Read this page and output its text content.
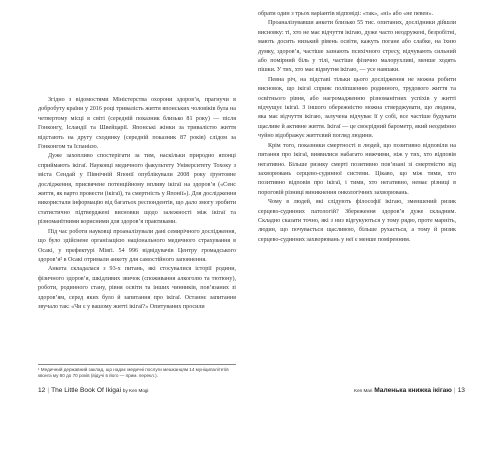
Згідно з відомостями Міністерства охорони здоров’я, прагнучи в добробуту країни у 2016 році тривалість життя японських чоловіків була на четвертому місці в світі (середній показник близько 81 року) — після Гонконгу, Ісландії та Швейцарії. Японські жінки за тривалістю життя відстають на другу сходинку (середній показник 87 років) слідом за Гонконгом та Іспанією.

Дуже захопливо спостерігати за тим, наскільки природно японці сприймають ікігаї. Науковці медичного факультету Університету Тохоку з міста Сендай у Північній Японії опублікували 2008 року ґрунтовне дослідження, присвячене потенційному впливу ікігаї на здоров’я («Сенс життя, як варто провести (ікігаї), та смертність у Японії»). Для дослідження використали інформацію від багатьох респондентів, що дало змогу зробити статистично підтверджені висновки щодо залежності між ікігаї та різноманітними корисними для здоров’я практиками.

Під час роботи науковці проаналізували дані семирічного дослідження, що було здійснене організацією національного медичного страхування в Осакі, у префектурі Міяґі. 54 996 відвідувачів Центру громадського здоров’я² в Осакі отримали анкету для самостійного заповнення.

Анкета складалася з 93-х питань, які стосувалися історії родини, фізичного здоров’я, шкідливих звичок (споживання алкоголю та тютюну), роботи, родинного стану, рівня освіти та інших чинників, пов’язаних зі здоров’ям, серед яких було й запитання про ікігаї. Останнє запитання звучало так: «Чи є у вашому житті ікігаї?» Опитуваних просили

¹ Медичний державний заклад, що надає медичні послуги мешканцям 14 муніципалітетів квонга му 80 до 70 років (відучі в його — прим. перекл.).
12 | The Little Book Of Ikigai by Ken Mogi

обрати один з трьох варіантів відповіді: «так», «ні» або «не певен».

Проаналізувавши анкети близько 55 тис. опитаних, дослідники дійшли висновку: ті, хто не має відчуття ікігаю, дуже часто неодружені, безробітні, мають досить низький рівень освіти, кажуть погане або слабке, на їхню думку, здоров’я, частіше зазнають психічного стресу, відчувають сильний або помірний біль у тілі, частіше фізично малорухливі, менше ходять пішки. У тих, хто має відмутня ікігаю, — усе навпаки.

Певна річ, на підставі тільки цього дослідження не можна робити висновок, що ікігаї сприяє поліпшенню родинного, трудового життя та освітнього рівня, або нагромадженню різноманітних успіхів у житті відчущує ікігаї. З іншого обережністю можна стверджувати, що людина, яка має відчуття ікігаю, залучена відчуває її у собі, все частіше будувати щасливе й активне життя. Ікігаї — це своєрідний барометр, який неодмінно чуйно відображує життєвий погляд людини.

Крім того, показники смертності в людей, що позитивно відповіли на питання про ікігаї, виявилися набагато нижчими, ніж у тих, хто відповів негативно. Більше ризику смерті позитивно пов’язані зі смертністю від захворювань серцево-судинної системи. Цікаво, що між тими, хто позитивно відповів про ікігаї, і тими, хто негативно, немає різниці в пороговій різниці виникнення онкологічних захворювань.

Чому в людей, які слідують філософії ікігаю, зменшений ризик серцево-судинних патологій? Збереження здоров’я дуже складним. Складно сказати точно, які з низ відгукуються у тому рядю, проте марніть, людин, що почувається щасливою, більше рухається, а тому й ризик серцево-судинних захворювань у неї є менше поміренним.

Ken Mari Маленька книжка ікігаю | 13
